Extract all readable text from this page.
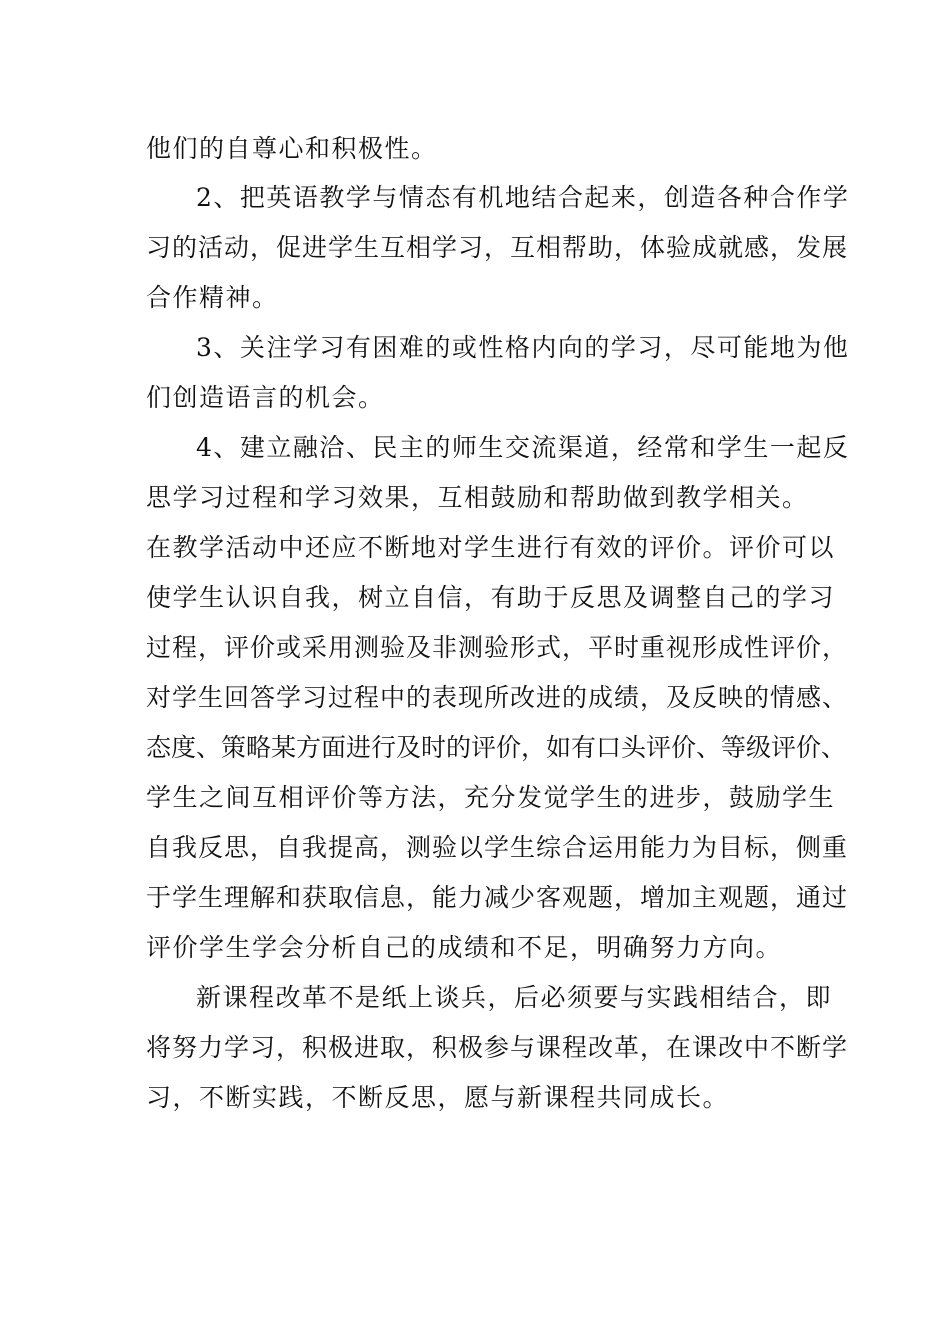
他们的自尊心和积极性。
2、把英语教学与情态有机地结合起来，创造各种合作学
习的活动，促进学生互相学习，互相帮助，体验成就感，发展
合作精神。
3、关注学习有困难的或性格内向的学习，尽可能地为他
们创造语言的机会。
4、建立融洽、民主的师生交流渠道，经常和学生一起反
思学习过程和学习效果，互相鼓励和帮助做到教学相关。
在教学活动中还应不断地对学生进行有效的评价。评价可以
使学生认识自我，树立自信，有助于反思及调整自己的学习
过程，评价或采用测验及非测验形式，平时重视形成性评价，
对学生回答学习过程中的表现所改进的成绩，及反映的情感、
态度、策略某方面进行及时的评价，如有口头评价、等级评价、
学生之间互相评价等方法，充分发觉学生的进步，鼓励学生
自我反思，自我提高，测验以学生综合运用能力为目标，侧重
于学生理解和获取信息，能力减少客观题，增加主观题，通过
评价学生学会分析自己的成绩和不足，明确努力方向。
新课程改革不是纸上谈兵，后必须要与实践相结合，即
将努力学习，积极进取，积极参与课程改革，在课改中不断学
习，不断实践，不断反思，愿与新课程共同成长。
